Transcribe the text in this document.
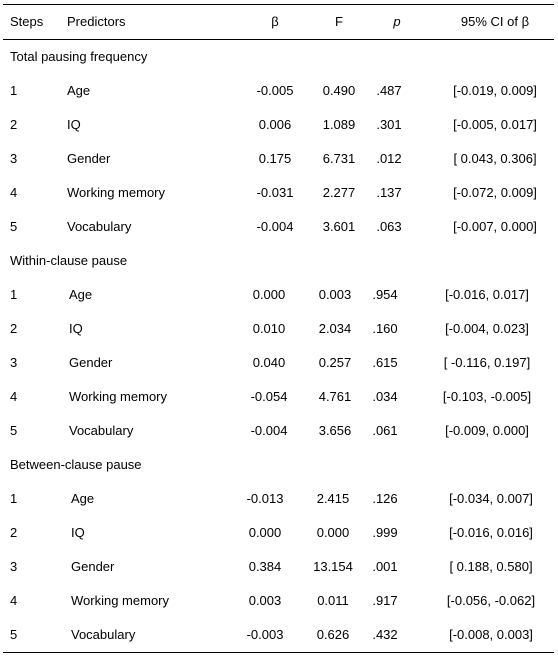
Steps Predictors	β	F	p	95% CI of β
Total pausing frequency
1	Age	-0.005	0.490	.487	[-0.019, 0.009]
2	IQ	0.006	1.089	.301	[-0.005, 0.017]
3	Gender	0.175	6.731	.012	[ 0.043, 0.306]
4	Working memory	-0.031	2.277	.137	[-0.072, 0.009]
5	Vocabulary	-0.004	3.601	.063	[-0.007, 0.000]
Within-clause pause
1	Age	0.000	0.003	.954	[-0.016, 0.017]
2	IQ	0.010	2.034	.160	[-0.004, 0.023]
3	Gender	0.040	0.257	.615	[ -0.116, 0.197]
4	Working memory	-0.054	4.761	.034	[-0.103, -0.005]
5	Vocabulary	-0.004	3.656	.061	[-0.009, 0.000]
Between-clause pause
1	Age	-0.013	2.415	.126	[-0.034, 0.007]
2	IQ	0.000	0.000	.999	[-0.016, 0.016]
3	Gender	0.384	13.154	.001	[ 0.188, 0.580]
4	Working memory	0.003	0.011	.917	[-0.056, -0.062]
5	Vocabulary	-0.003	0.626	.432	[-0.008, 0.003]
